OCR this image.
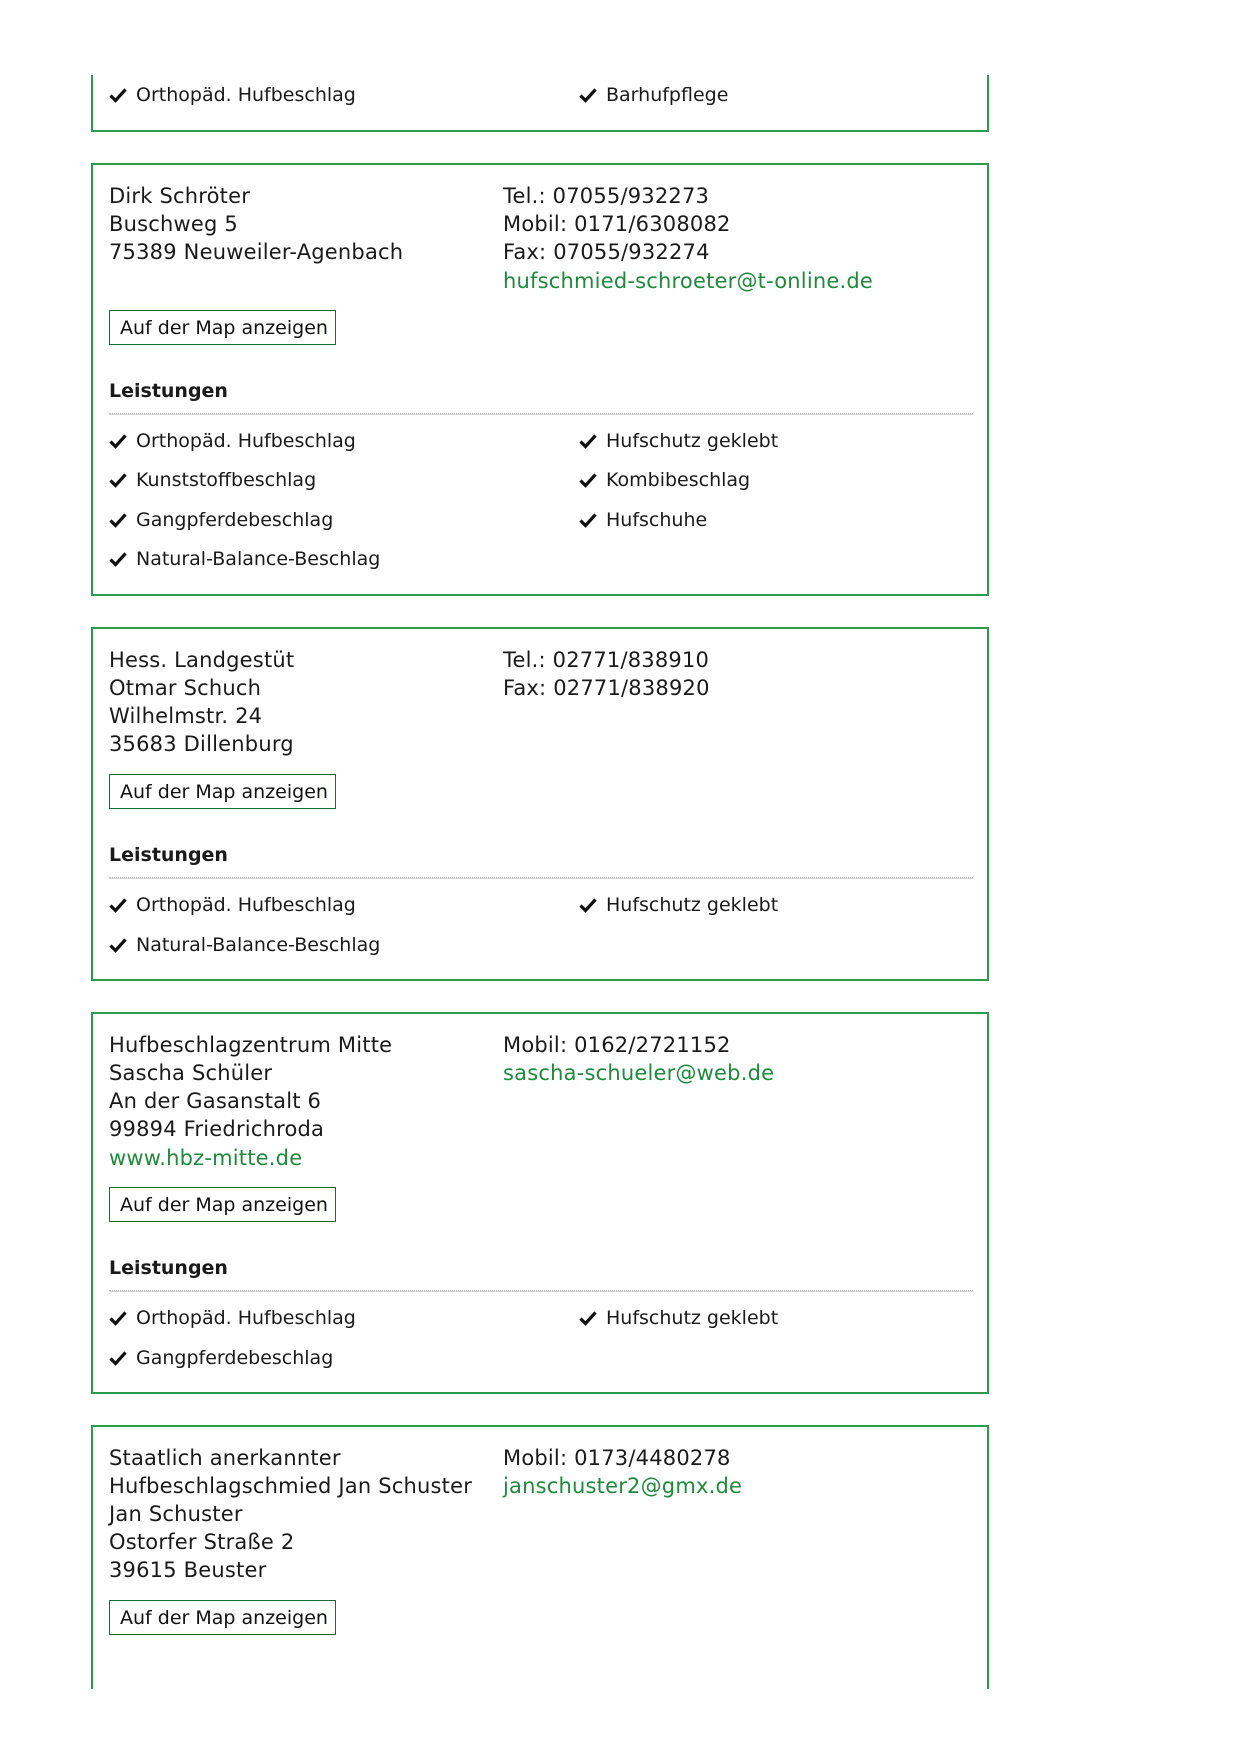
Orthopäd. Hufbeschlag	Barhufpflege
Dirk Schröter
Buschweg 5
75389 Neuweiler-Agenbach
Tel.: 07055/932273
Mobil: 0171/6308082
Fax: 07055/932274
hufschmied-schroeter@t-online.de
Auf der Map anzeigen
Leistungen
Orthopäd. Hufbeschlag	Hufschutz geklebt
Kunststoffbeschlag	Kombibeschlag
Gangpferdebeschlag	Hufschuhe
Natural-Balance-Beschlag
Hess. Landgestüt
Otmar Schuch
Wilhelmstr. 24
35683 Dillenburg
Tel.: 02771/838910
Fax: 02771/838920
Auf der Map anzeigen
Leistungen
Orthopäd. Hufbeschlag	Hufschutz geklebt
Natural-Balance-Beschlag
Hufbeschlagzentrum Mitte
Sascha Schüler
An der Gasanstalt 6
99894 Friedrichroda
www.hbz-mitte.de
Mobil: 0162/2721152
sascha-schueler@web.de
Auf der Map anzeigen
Leistungen
Orthopäd. Hufbeschlag	Hufschutz geklebt
Gangpferdebeschlag
Staatlich anerkannter
Hufbeschlagschmied Jan Schuster
Jan Schuster
Ostorfer Straße 2
39615 Beuster
Mobil: 0173/4480278
janschuster2@gmx.de
Auf der Map anzeigen
